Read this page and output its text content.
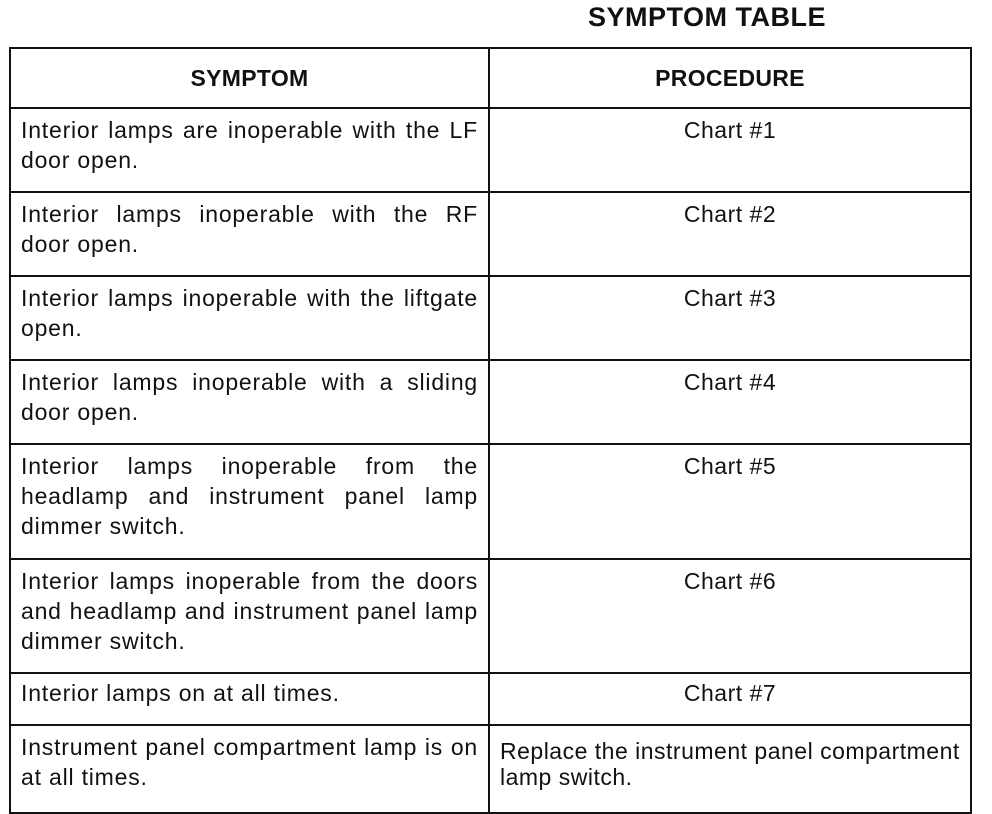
SYMPTOM TABLE
SYMPTOM	PROCEDURE
Interior lamps are inoperable with the LF door open.	Chart #1
Interior lamps inoperable with the RF door open.	Chart #2
Interior lamps inoperable with the liftgate open.	Chart #3
Interior lamps inoperable with a sliding door open.	Chart #4
Interior lamps inoperable from the headlamp and instrument panel lamp dimmer switch.	Chart #5
Interior lamps inoperable from the doors and headlamp and instrument panel lamp dimmer switch.	Chart #6
Interior lamps on at all times.	Chart #7
Instrument panel compartment lamp is on at all times.	Replace the instrument panel compartment lamp switch.
